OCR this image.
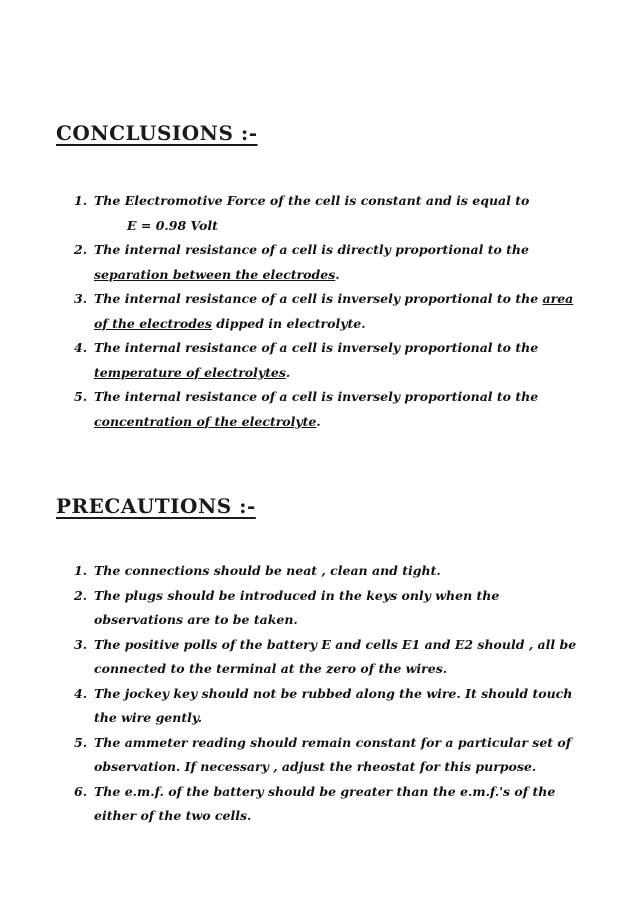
CONCLUSIONS :-
1. The Electromotive Force of the cell is constant and is equal to
E = 0.98 Volt
2. The internal resistance of a cell is directly proportional to the separation between the electrodes.
3. The internal resistance of a cell is inversely proportional to the area of the electrodes dipped in electrolyte.
4. The internal resistance of a cell is inversely proportional to the temperature of electrolytes.
5. The internal resistance of a cell is inversely proportional to the concentration of the electrolyte.
PRECAUTIONS :-
1. The connections should be neat , clean and tight.
2. The plugs should be introduced in the keys only when the observations are to be taken.
3. The positive polls of the battery E and cells E1 and E2 should , all be connected to the terminal at the zero of the wires.
4. The jockey key should not be rubbed along the wire. It should touch the wire gently.
5. The ammeter reading should remain constant for a particular set of observation. If necessary , adjust the rheostat for this purpose.
6. The e.m.f. of the battery should be greater than the e.m.f.'s of the either of the two cells.
